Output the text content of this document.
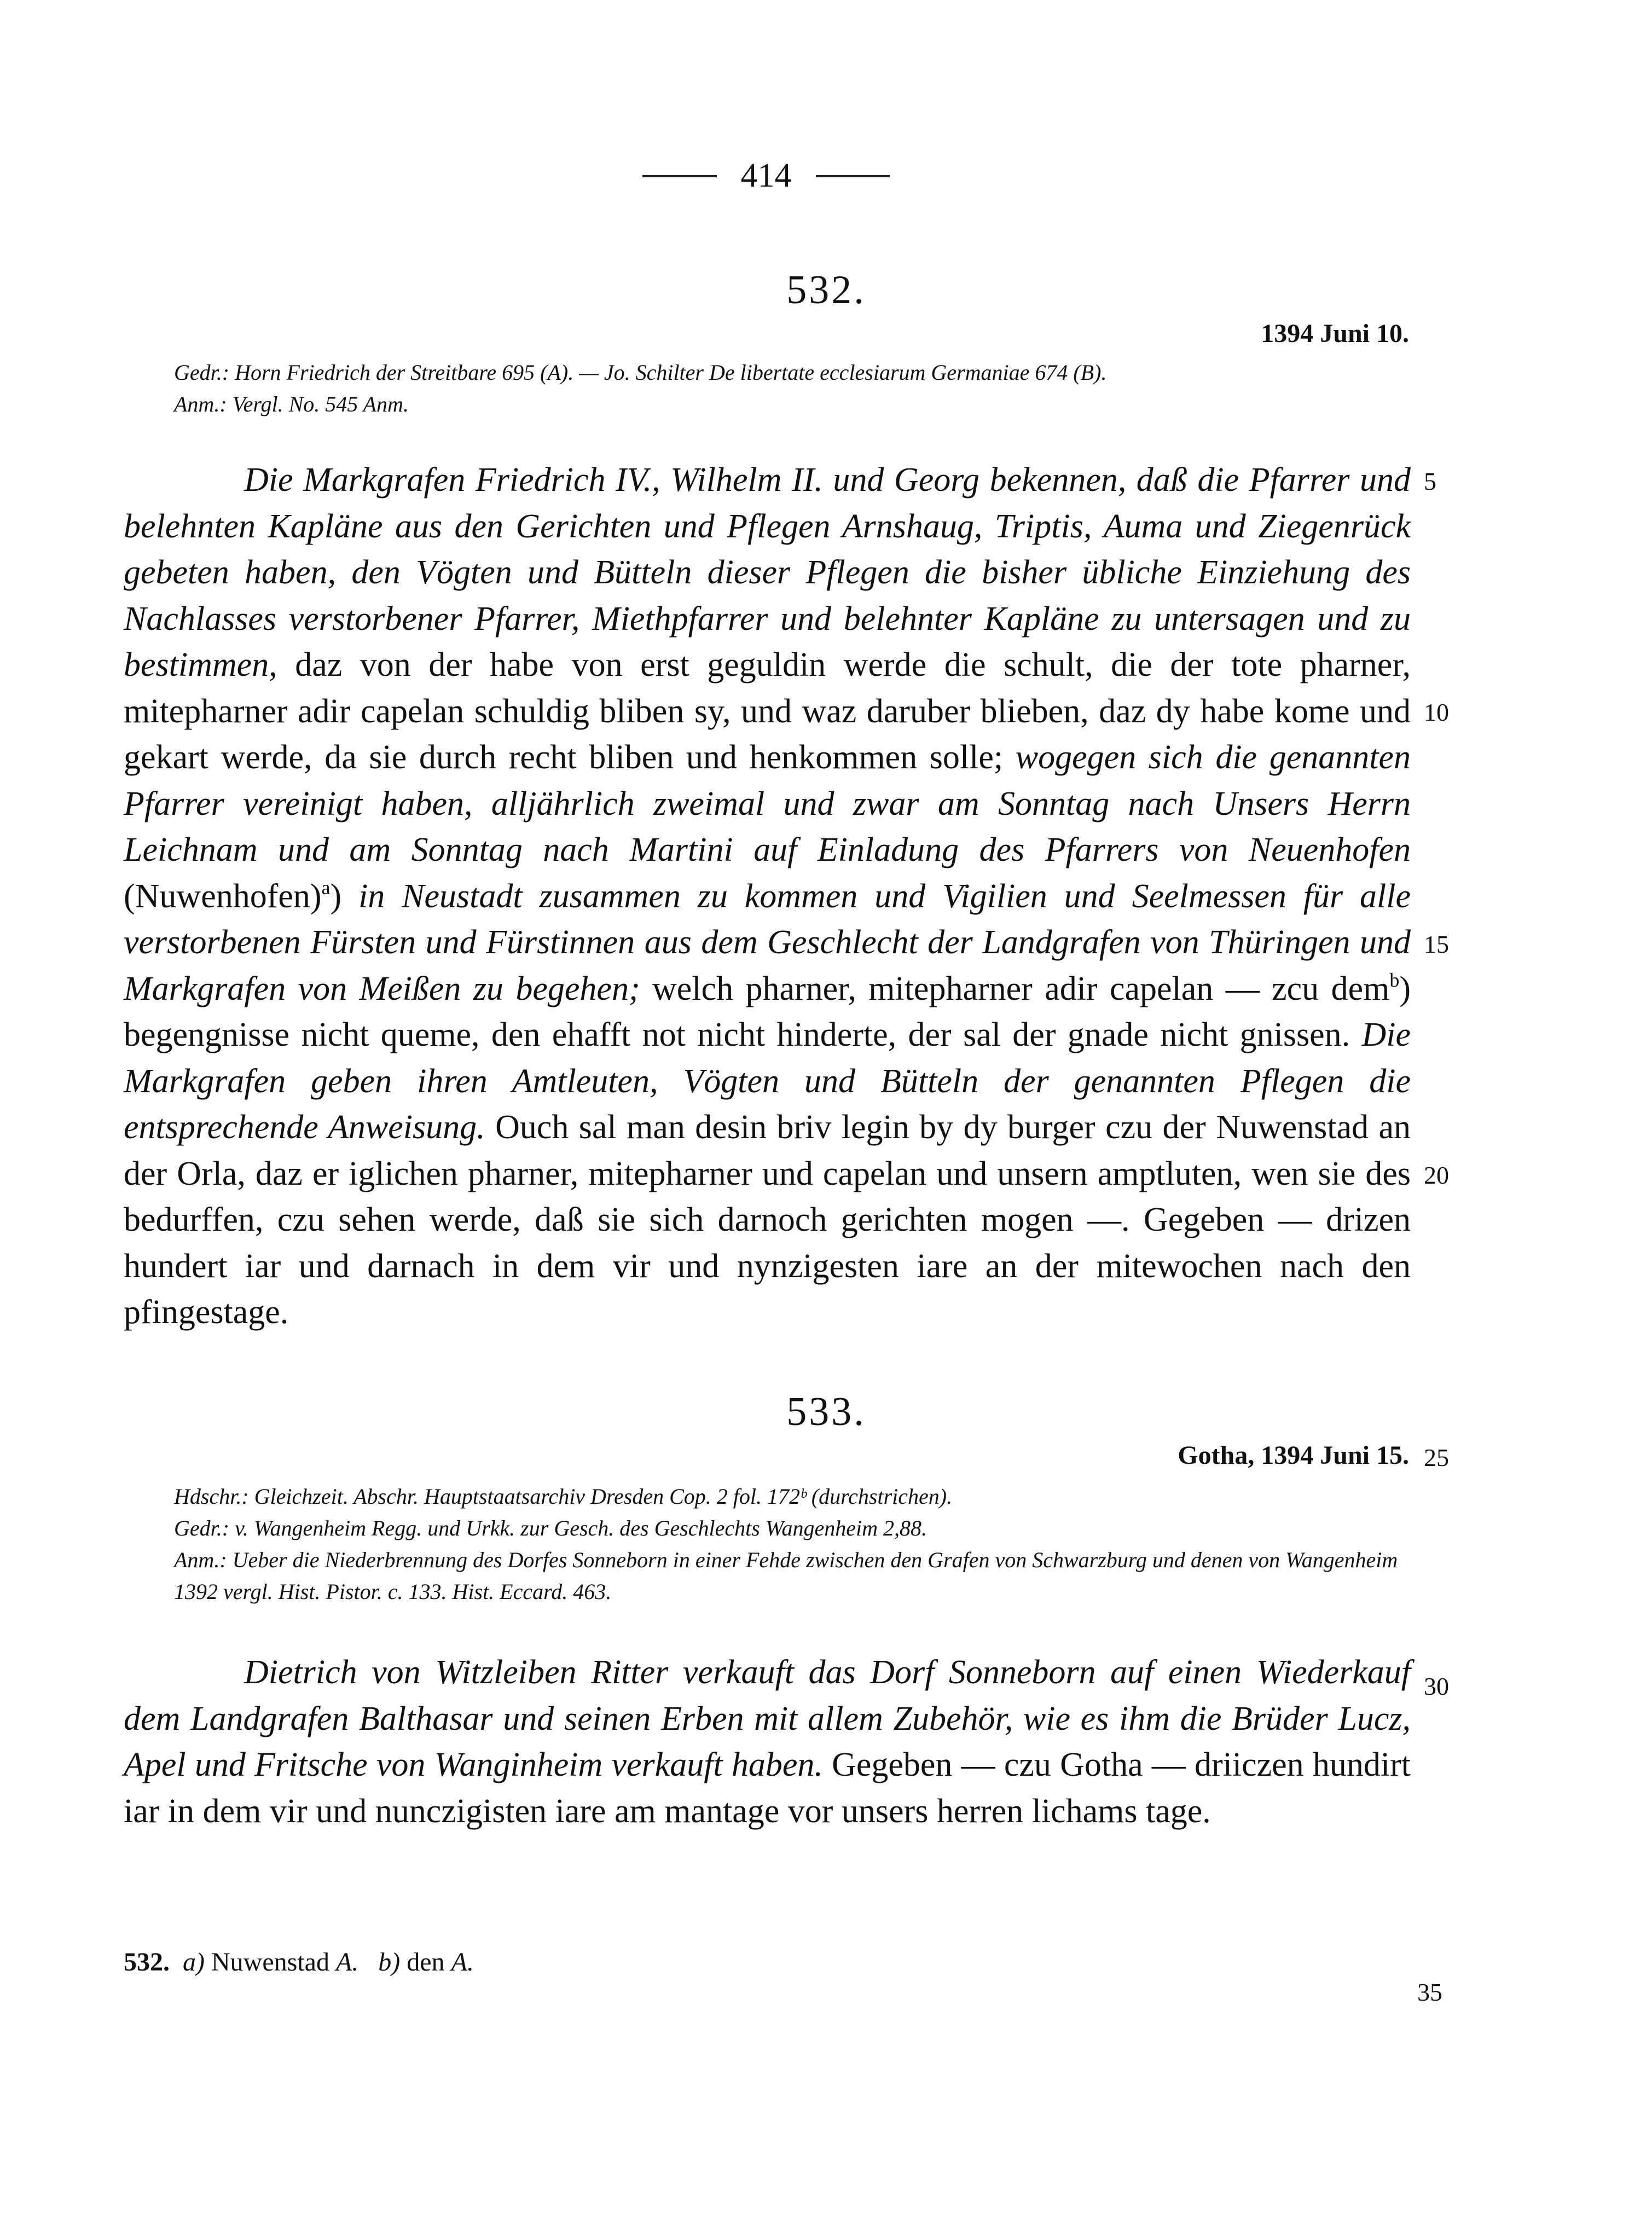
414
532.
1394 Juni 10.
Gedr.: Horn Friedrich der Streitbare 695 (A). — Jo. Schilter De libertate ecclesiarum Germaniae 674 (B).
Anm.: Vergl. No. 545 Anm.

Die Markgrafen Friedrich IV., Wilhelm II. und Georg bekennen, daß die Pfarrer und belehnten Kapläne aus den Gerichten und Pflegen Arnshaug, Triptis, Auma und Ziegenrück gebeten haben, den Vögten und Bütteln dieser Pflegen die bisher übliche Einziehung des Nachlasses verstorbener Pfarrer, Miethpfarrer und belehnter Kapläne zu untersagen und zu bestimmen, daz von der habe von erst geguldin werde die schult, die der tote pharner, mitepharner adir capelan schuldig bliben sy, und waz daruber blieben, daz dy habe kome und gekart werde, da sie durch recht bliben und henkommen solle; wogegen sich die genannten Pfarrer vereinigt haben, alljährlich zweimal und zwar am Sonntag nach Unsers Herrn Leichnam und am Sonntag nach Martini auf Einladung des Pfarrers von Neuenhofen (Nuwenhofen)$^a$) in Neustadt zusammen zu kommen und Vigilien und Seelmessen für alle verstorbenen Fürsten und Fürstinnen aus dem Geschlecht der Landgrafen von Thüringen und Markgrafen von Meißen zu begehen; welch pharner, mitepharner adir capelan — zcu dem$^b$) begengnisse nicht queme, den ehafft not nicht hinderte, der sal der gnade nicht gnissen. Die Markgrafen geben ihren Amtleuten, Vögten und Bütteln der genannten Pflegen die entsprechende Anweisung. Ouch sal man desin briv legin by dy burger czu der Nuwenstad an der Orla, daz er iglichen pharner, mitepharner und capelan und unsern amptluten, wen sie des bedurffen, czu sehen werde, daß sie sich darnoch gerichten mogen —. Gegeben — drizen hundert iar und darnach in dem vir und nynzigesten iare an der mitewochen nach den pfingestage.

533.
Gotha, 1394 Juni 15.
Hdschr.: Gleichzeit. Abschr. Hauptstaatsarchiv Dresden Cop. 2 fol. 172ᵇ (durchstrichen).
Gedr.: v. Wangenheim Regg. und Urkk. zur Gesch. des Geschlechts Wangenheim 2,88.
Anm.: Ueber die Niederbrennung des Dorfes Sonneborn in einer Fehde zwischen den Grafen von Schwarzburg und denen von Wangenheim 1392 vergl. Hist. Pistor. c. 133. Hist. Eccard. 463.

Dietrich von Witzleiben Ritter verkauft das Dorf Sonneborn auf einen Wiederkauf dem Landgrafen Balthasar und seinen Erben mit allem Zubehör, wie es ihm die Brüder Lucz, Apel und Fritsche von Wanginheim verkauft haben. Gegeben — czu Gotha — driiczen hundirt iar in dem vir und nunczigisten iare am mantage vor unsers herren lichams tage.

5
10
15
20
25
30
532. a) Nuwenstad A. b) den A.
35
